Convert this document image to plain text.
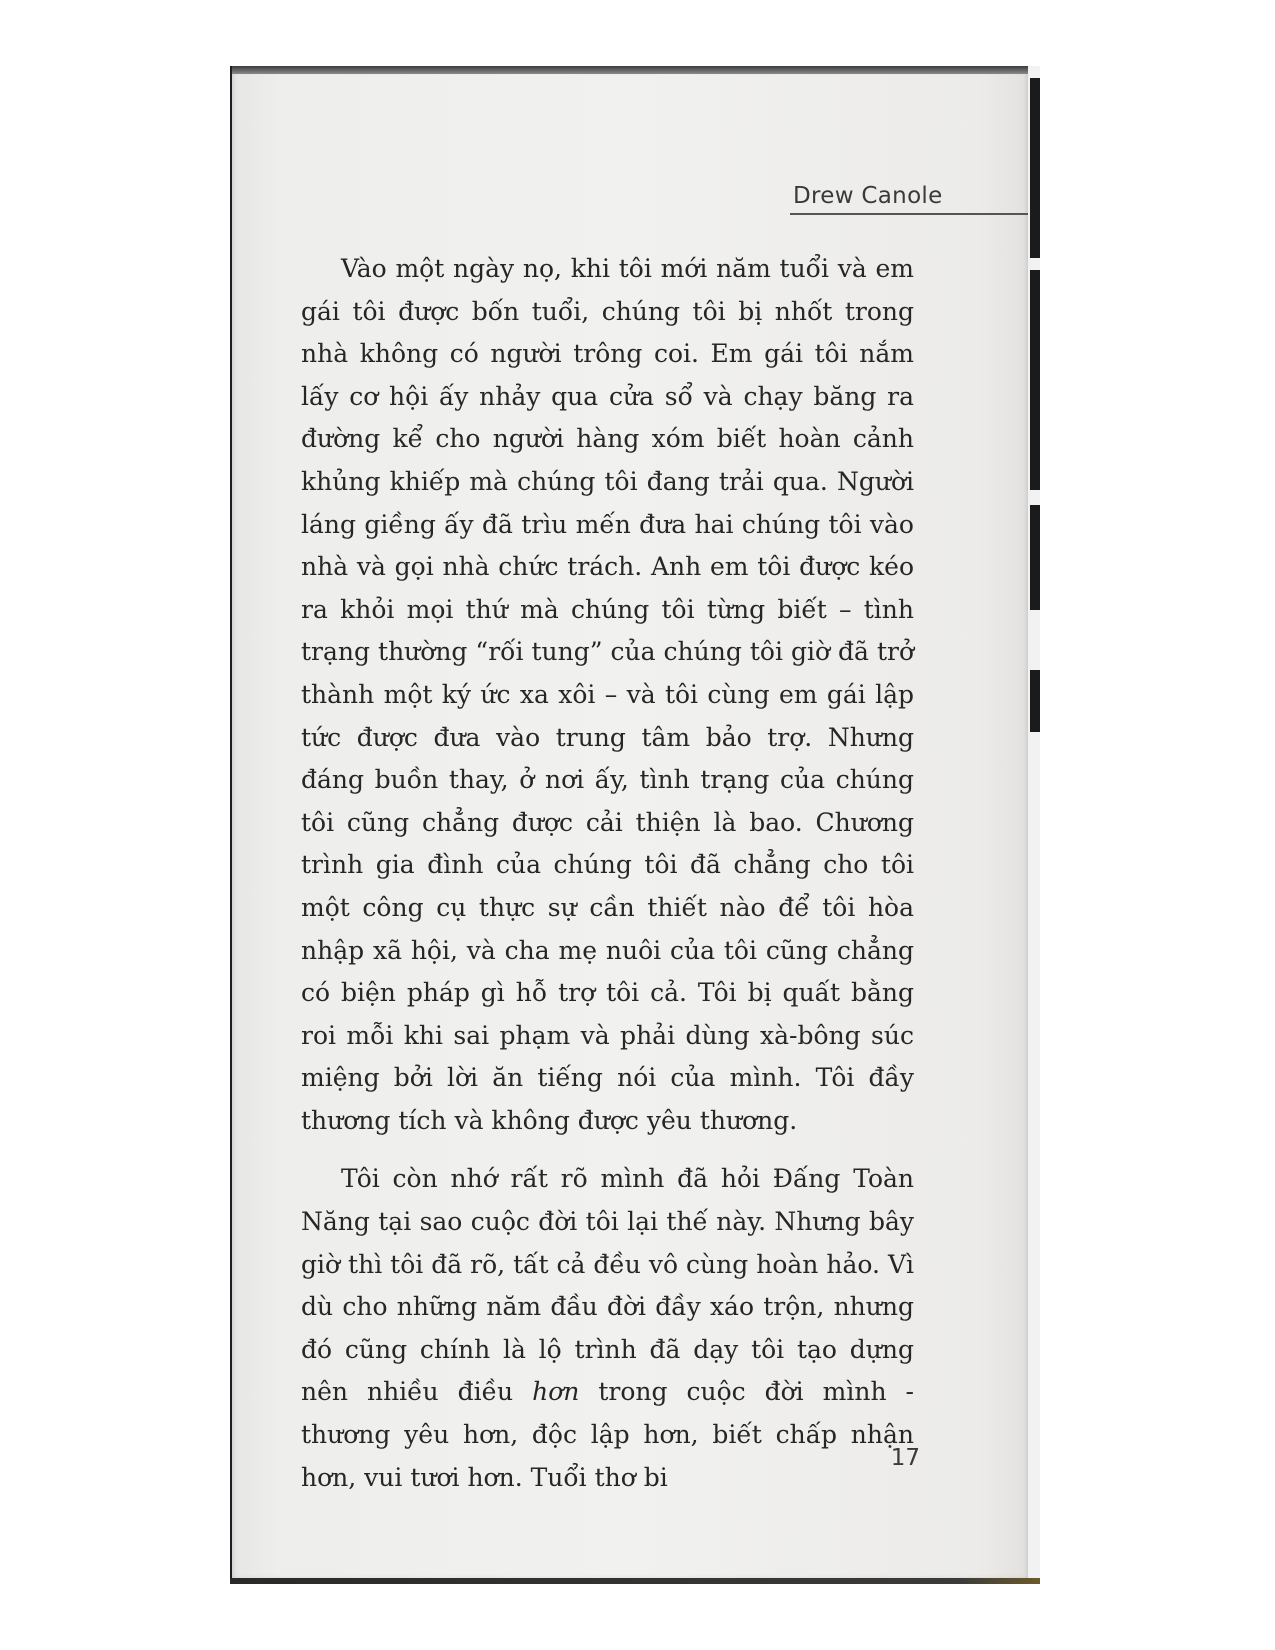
Drew Canole

Vào một ngày nọ, khi tôi mới năm tuổi và em gái tôi được bốn tuổi, chúng tôi bị nhốt trong nhà không có người trông coi. Em gái tôi nắm lấy cơ hội ấy nhảy qua cửa sổ và chạy băng ra đường kể cho người hàng xóm biết hoàn cảnh khủng khiếp mà chúng tôi đang trải qua. Người láng giềng ấy đã trìu mến đưa hai chúng tôi vào nhà và gọi nhà chức trách. Anh em tôi được kéo ra khỏi mọi thứ mà chúng tôi từng biết – tình trạng thường “rối tung” của chúng tôi giờ đã trở thành một ký ức xa xôi – và tôi cùng em gái lập tức được đưa vào trung tâm bảo trợ. Nhưng đáng buồn thay, ở nơi ấy, tình trạng của chúng tôi cũng chẳng được cải thiện là bao. Chương trình gia đình của chúng tôi đã chẳng cho tôi một công cụ thực sự cần thiết nào để tôi hòa nhập xã hội, và cha mẹ nuôi của tôi cũng chẳng có biện pháp gì hỗ trợ tôi cả. Tôi bị quất bằng roi mỗi khi sai phạm và phải dùng xà-bông súc miệng bởi lời ăn tiếng nói của mình. Tôi đầy thương tích và không được yêu thương.

Tôi còn nhớ rất rõ mình đã hỏi Đấng Toàn Năng tại sao cuộc đời tôi lại thế này. Nhưng bây giờ thì tôi đã rõ, tất cả đều vô cùng hoàn hảo. Vì dù cho những năm đầu đời đầy xáo trộn, nhưng đó cũng chính là lộ trình đã dạy tôi tạo dựng nên nhiều điều hơn trong cuộc đời mình - thương yêu hơn, độc lập hơn, biết chấp nhận hơn, vui tươi hơn. Tuổi thơ bi

17
